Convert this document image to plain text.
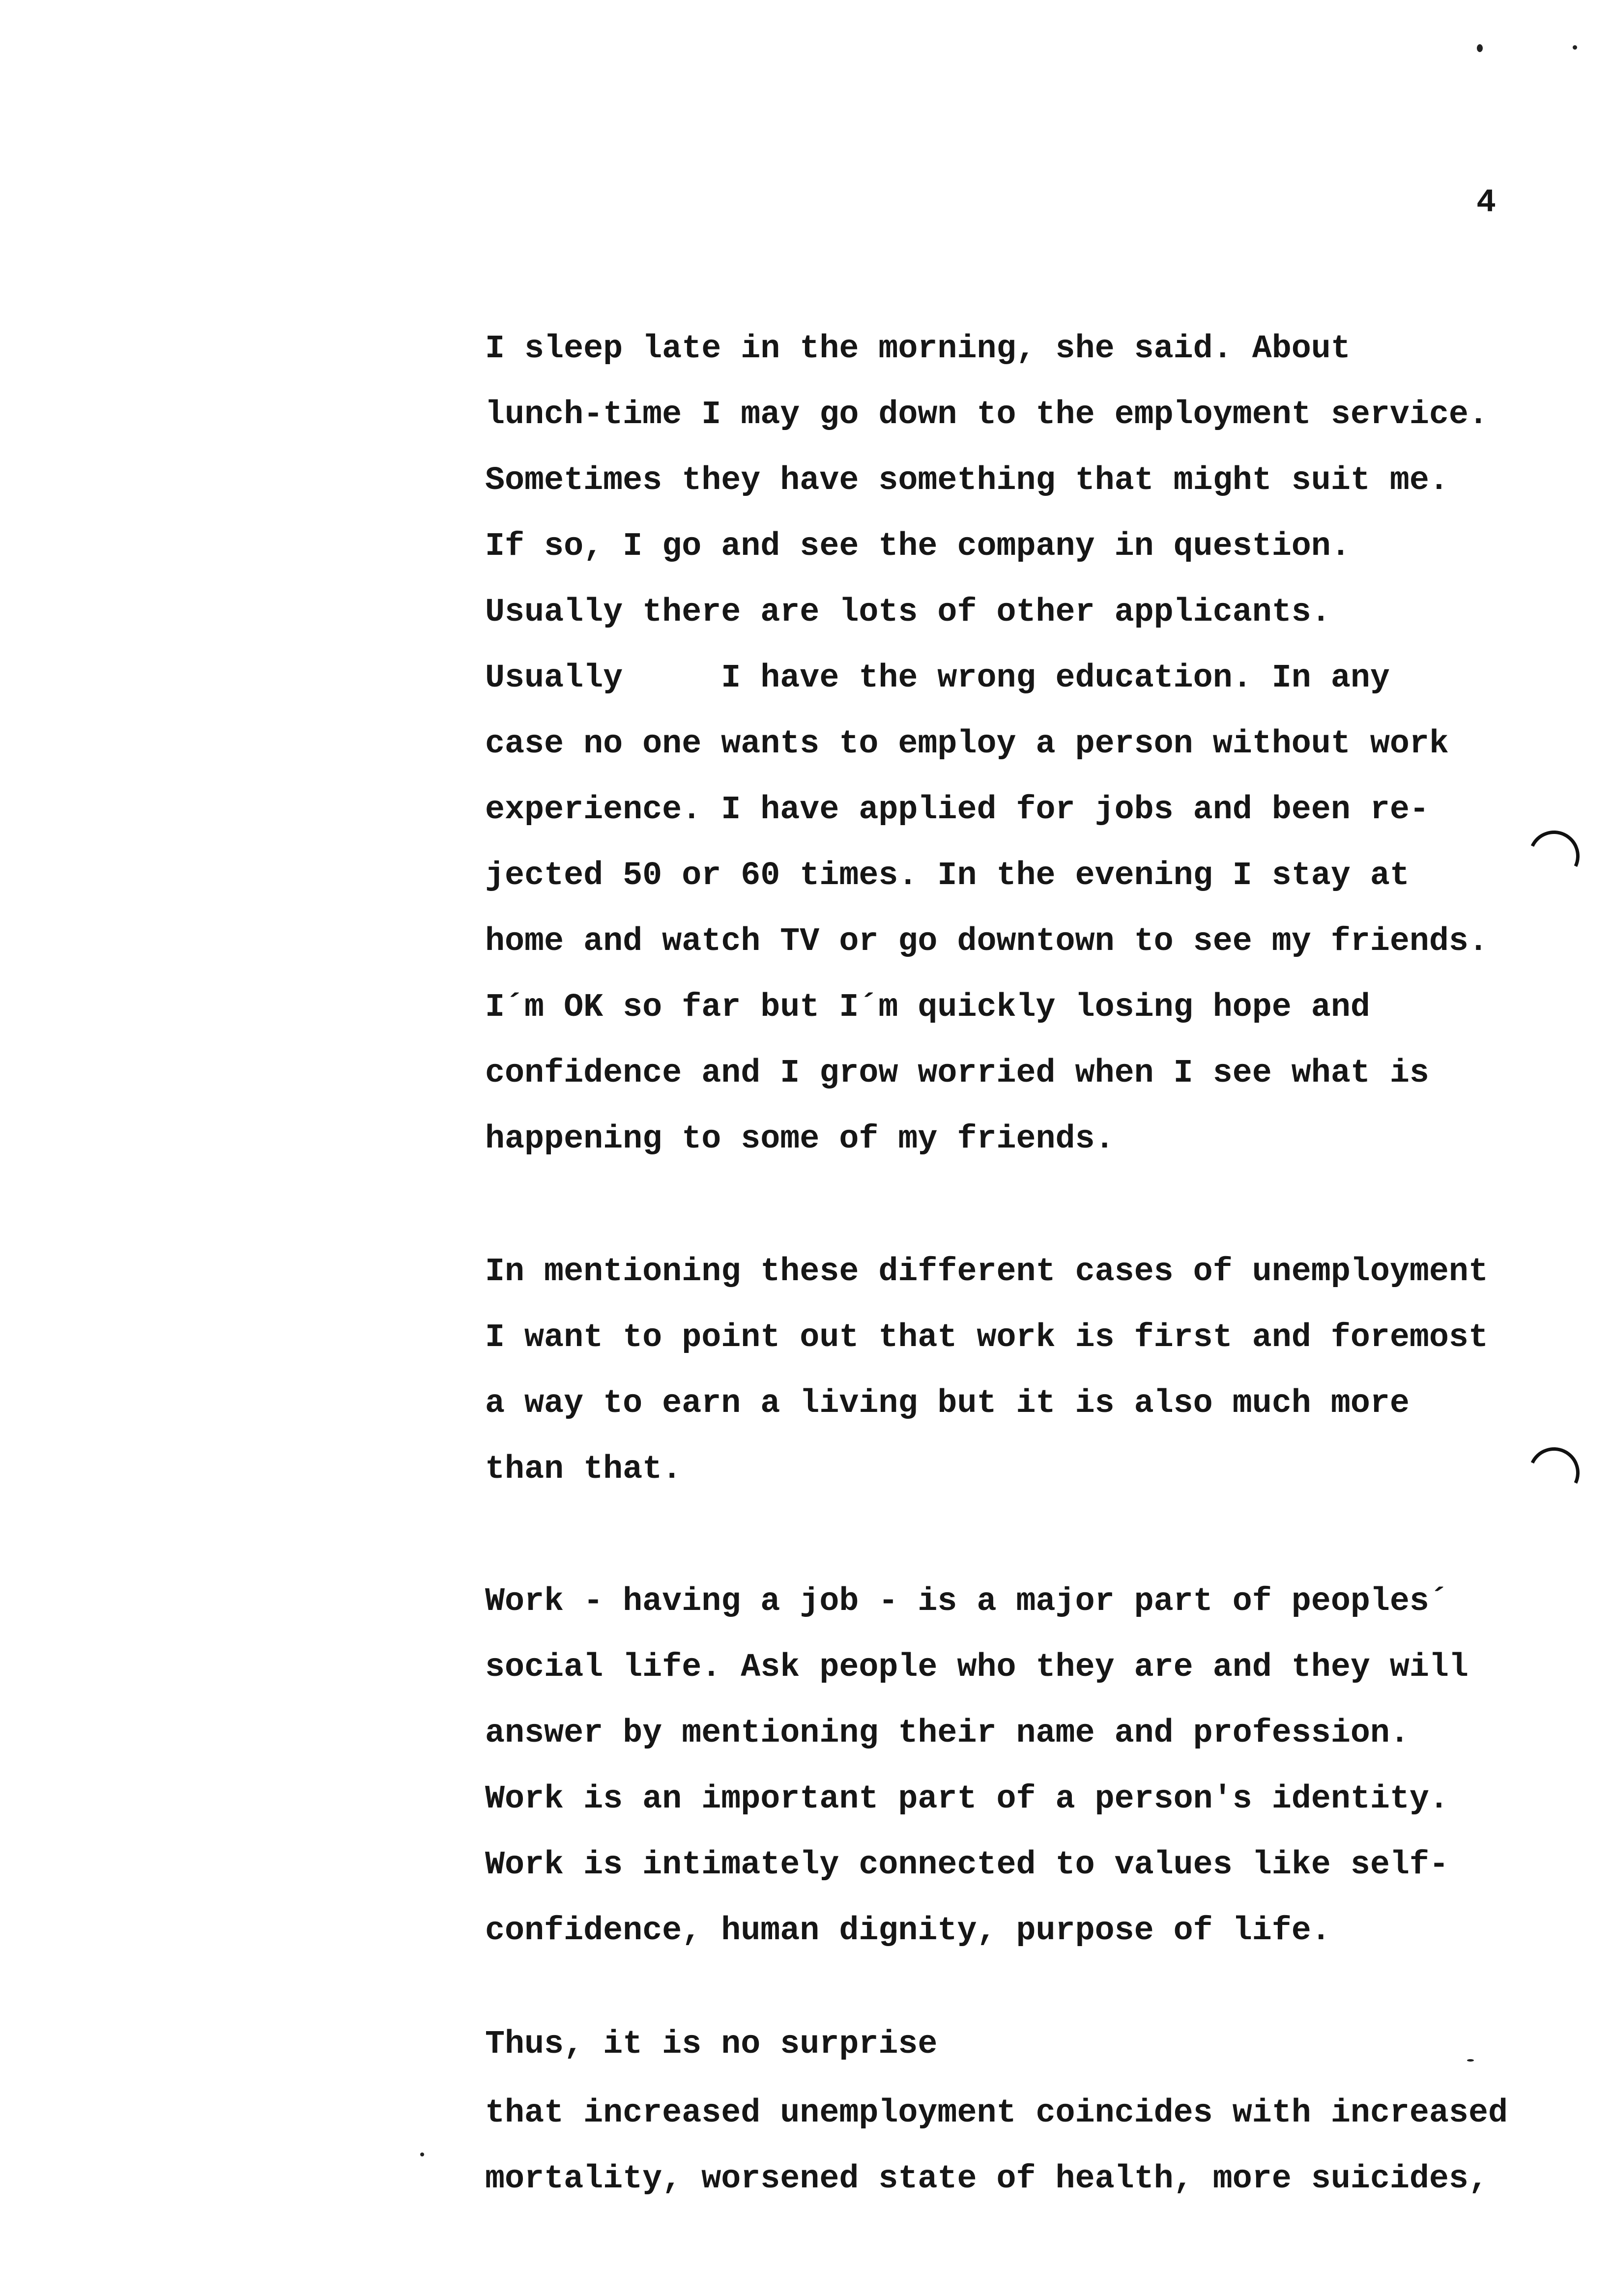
4
I sleep late in the morning, she said. About
lunch-time I may go down to the employment service.
Sometimes they have something that might suit me.
If so, I go and see the company in question.
Usually there are lots of other applicants.
Usually     I have the wrong education. In any
case no one wants to employ a person without work
experience. I have applied for jobs and been re-
jected 50 or 60 times. In the evening I stay at
home and watch TV or go downtown to see my friends.
I´m OK so far but I´m quickly losing hope and
confidence and I grow worried when I see what is
happening to some of my friends.
In mentioning these different cases of unemployment
I want to point out that work is first and foremost
a way to earn a living but it is also much more
than that.
Work - having a job - is a major part of peoples´
social life. Ask people who they are and they will
answer by mentioning their name and profession.
Work is an important part of a person's identity.
Work is intimately connected to values like self-
confidence, human dignity, purpose of life.
Thus, it is no surprise
that increased unemployment coincides with increased
mortality, worsened state of health, more suicides,
